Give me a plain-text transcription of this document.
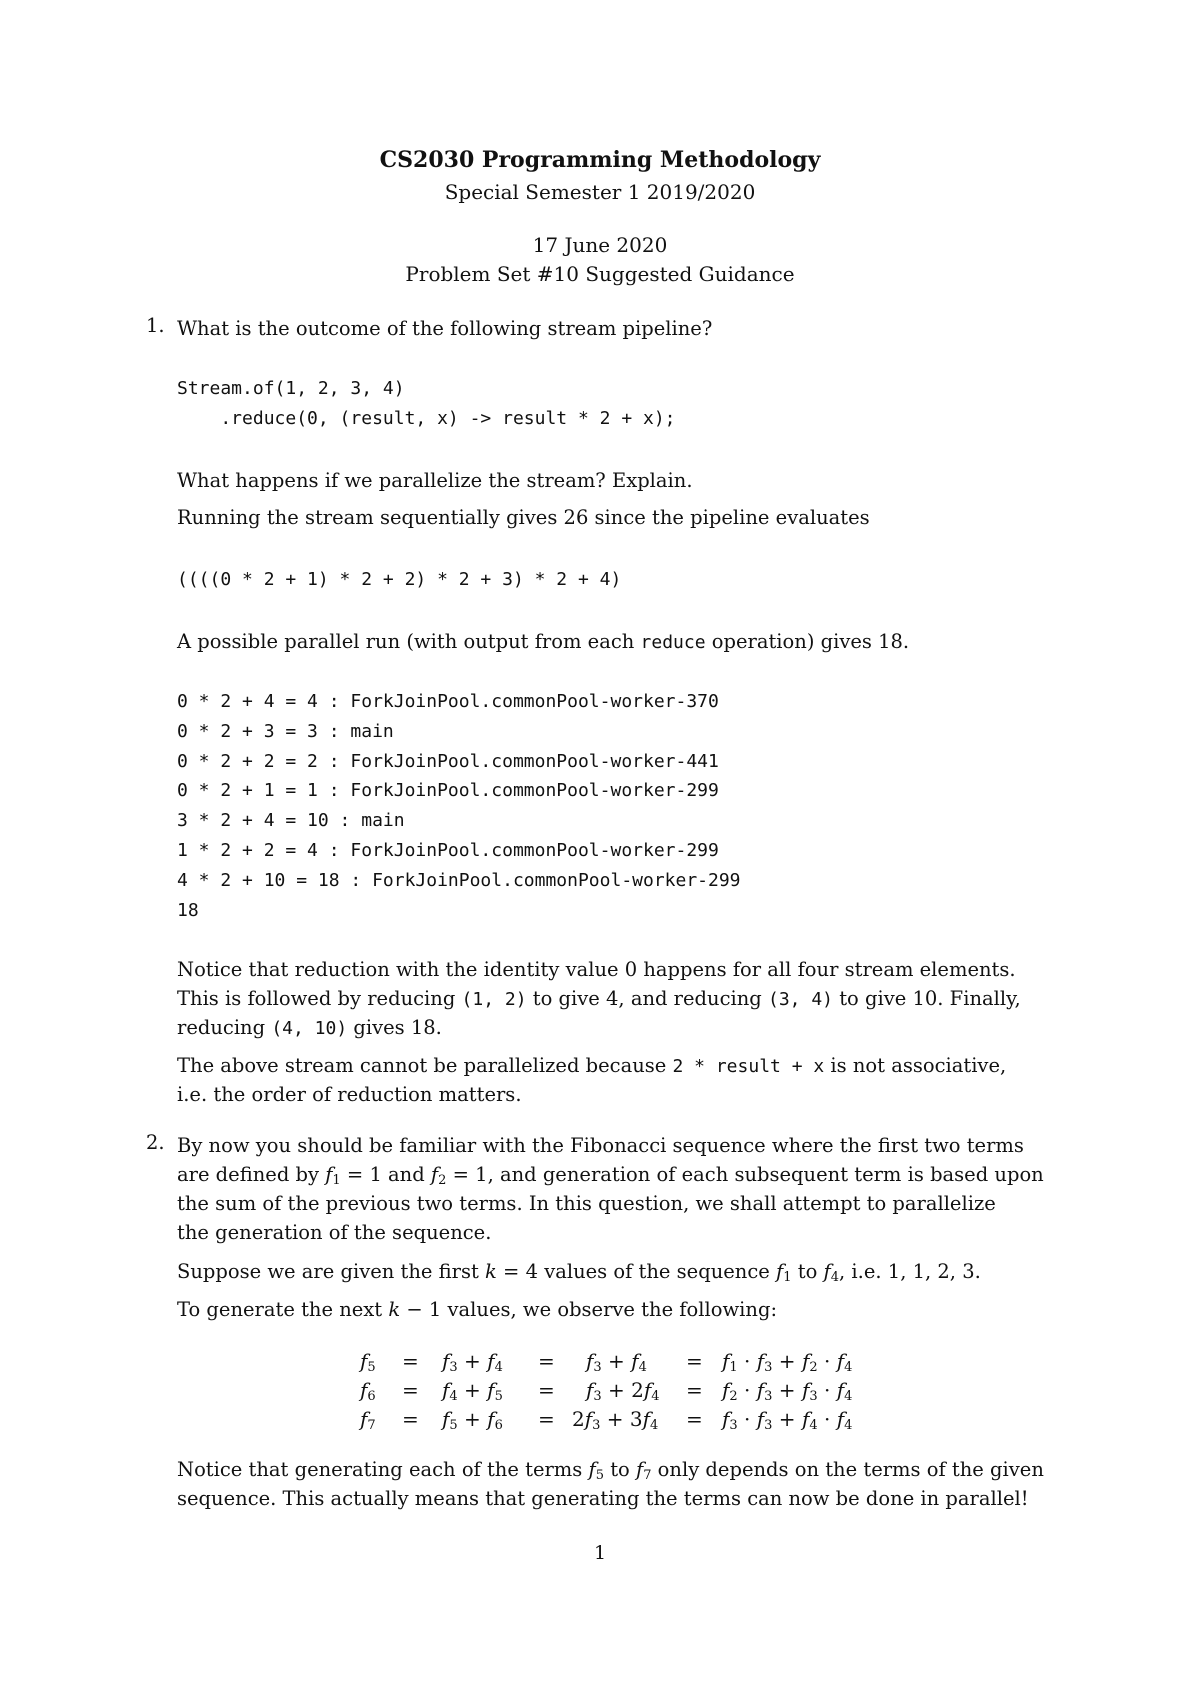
CS2030 Programming Methodology
Special Semester 1 2019/2020
17 June 2020
Problem Set #10 Suggested Guidance
1. What is the outcome of the following stream pipeline?
Stream.of(1, 2, 3, 4)
.reduce(0, (result, x) -> result * 2 + x);
What happens if we parallelize the stream? Explain.
Running the stream sequentially gives 26 since the pipeline evaluates
((((0 * 2 + 1) * 2 + 2) * 2 + 3) * 2 + 4)
A possible parallel run (with output from each reduce operation) gives 18.
0 * 2 + 4 = 4 : ForkJoinPool.commonPool-worker-370
0 * 2 + 3 = 3 : main
0 * 2 + 2 = 2 : ForkJoinPool.commonPool-worker-441
0 * 2 + 1 = 1 : ForkJoinPool.commonPool-worker-299
3 * 2 + 4 = 10 : main
1 * 2 + 2 = 4 : ForkJoinPool.commonPool-worker-299
4 * 2 + 10 = 18 : ForkJoinPool.commonPool-worker-299
18
Notice that reduction with the identity value 0 happens for all four stream elements.
This is followed by reducing (1, 2) to give 4, and reducing (3, 4) to give 10. Finally,
reducing (4, 10) gives 18.
The above stream cannot be parallelized because 2 * result + x is not associative,
i.e. the order of reduction matters.
2. By now you should be familiar with the Fibonacci sequence where the first two terms
are defined by $f_1 = 1$ and $f_2 = 1$, and generation of each subsequent term is based upon
the sum of the previous two terms. In this question, we shall attempt to parallelize
the generation of the sequence.
Suppose we are given the first k = 4 values of the sequence $f_1$ to $f_4$, i.e. 1, 1, 2, 3.
To generate the next k − 1 values, we observe the following:
$f_5 = f_3 + f_4 = f_3 + f_4 = f_1 \cdot f_3 + f_2 \cdot f_4$
$f_6 = f_4 + f_5 = f_3 + 2f_4 = f_2 \cdot f_3 + f_3 \cdot f_4$
$f_7 = f_5 + f_6 = 2f_3 + 3f_4 = f_3 \cdot f_3 + f_4 \cdot f_4$
Notice that generating each of the terms $f_5$ to $f_7$ only depends on the terms of the given
sequence. This actually means that generating the terms can now be done in parallel!
1
